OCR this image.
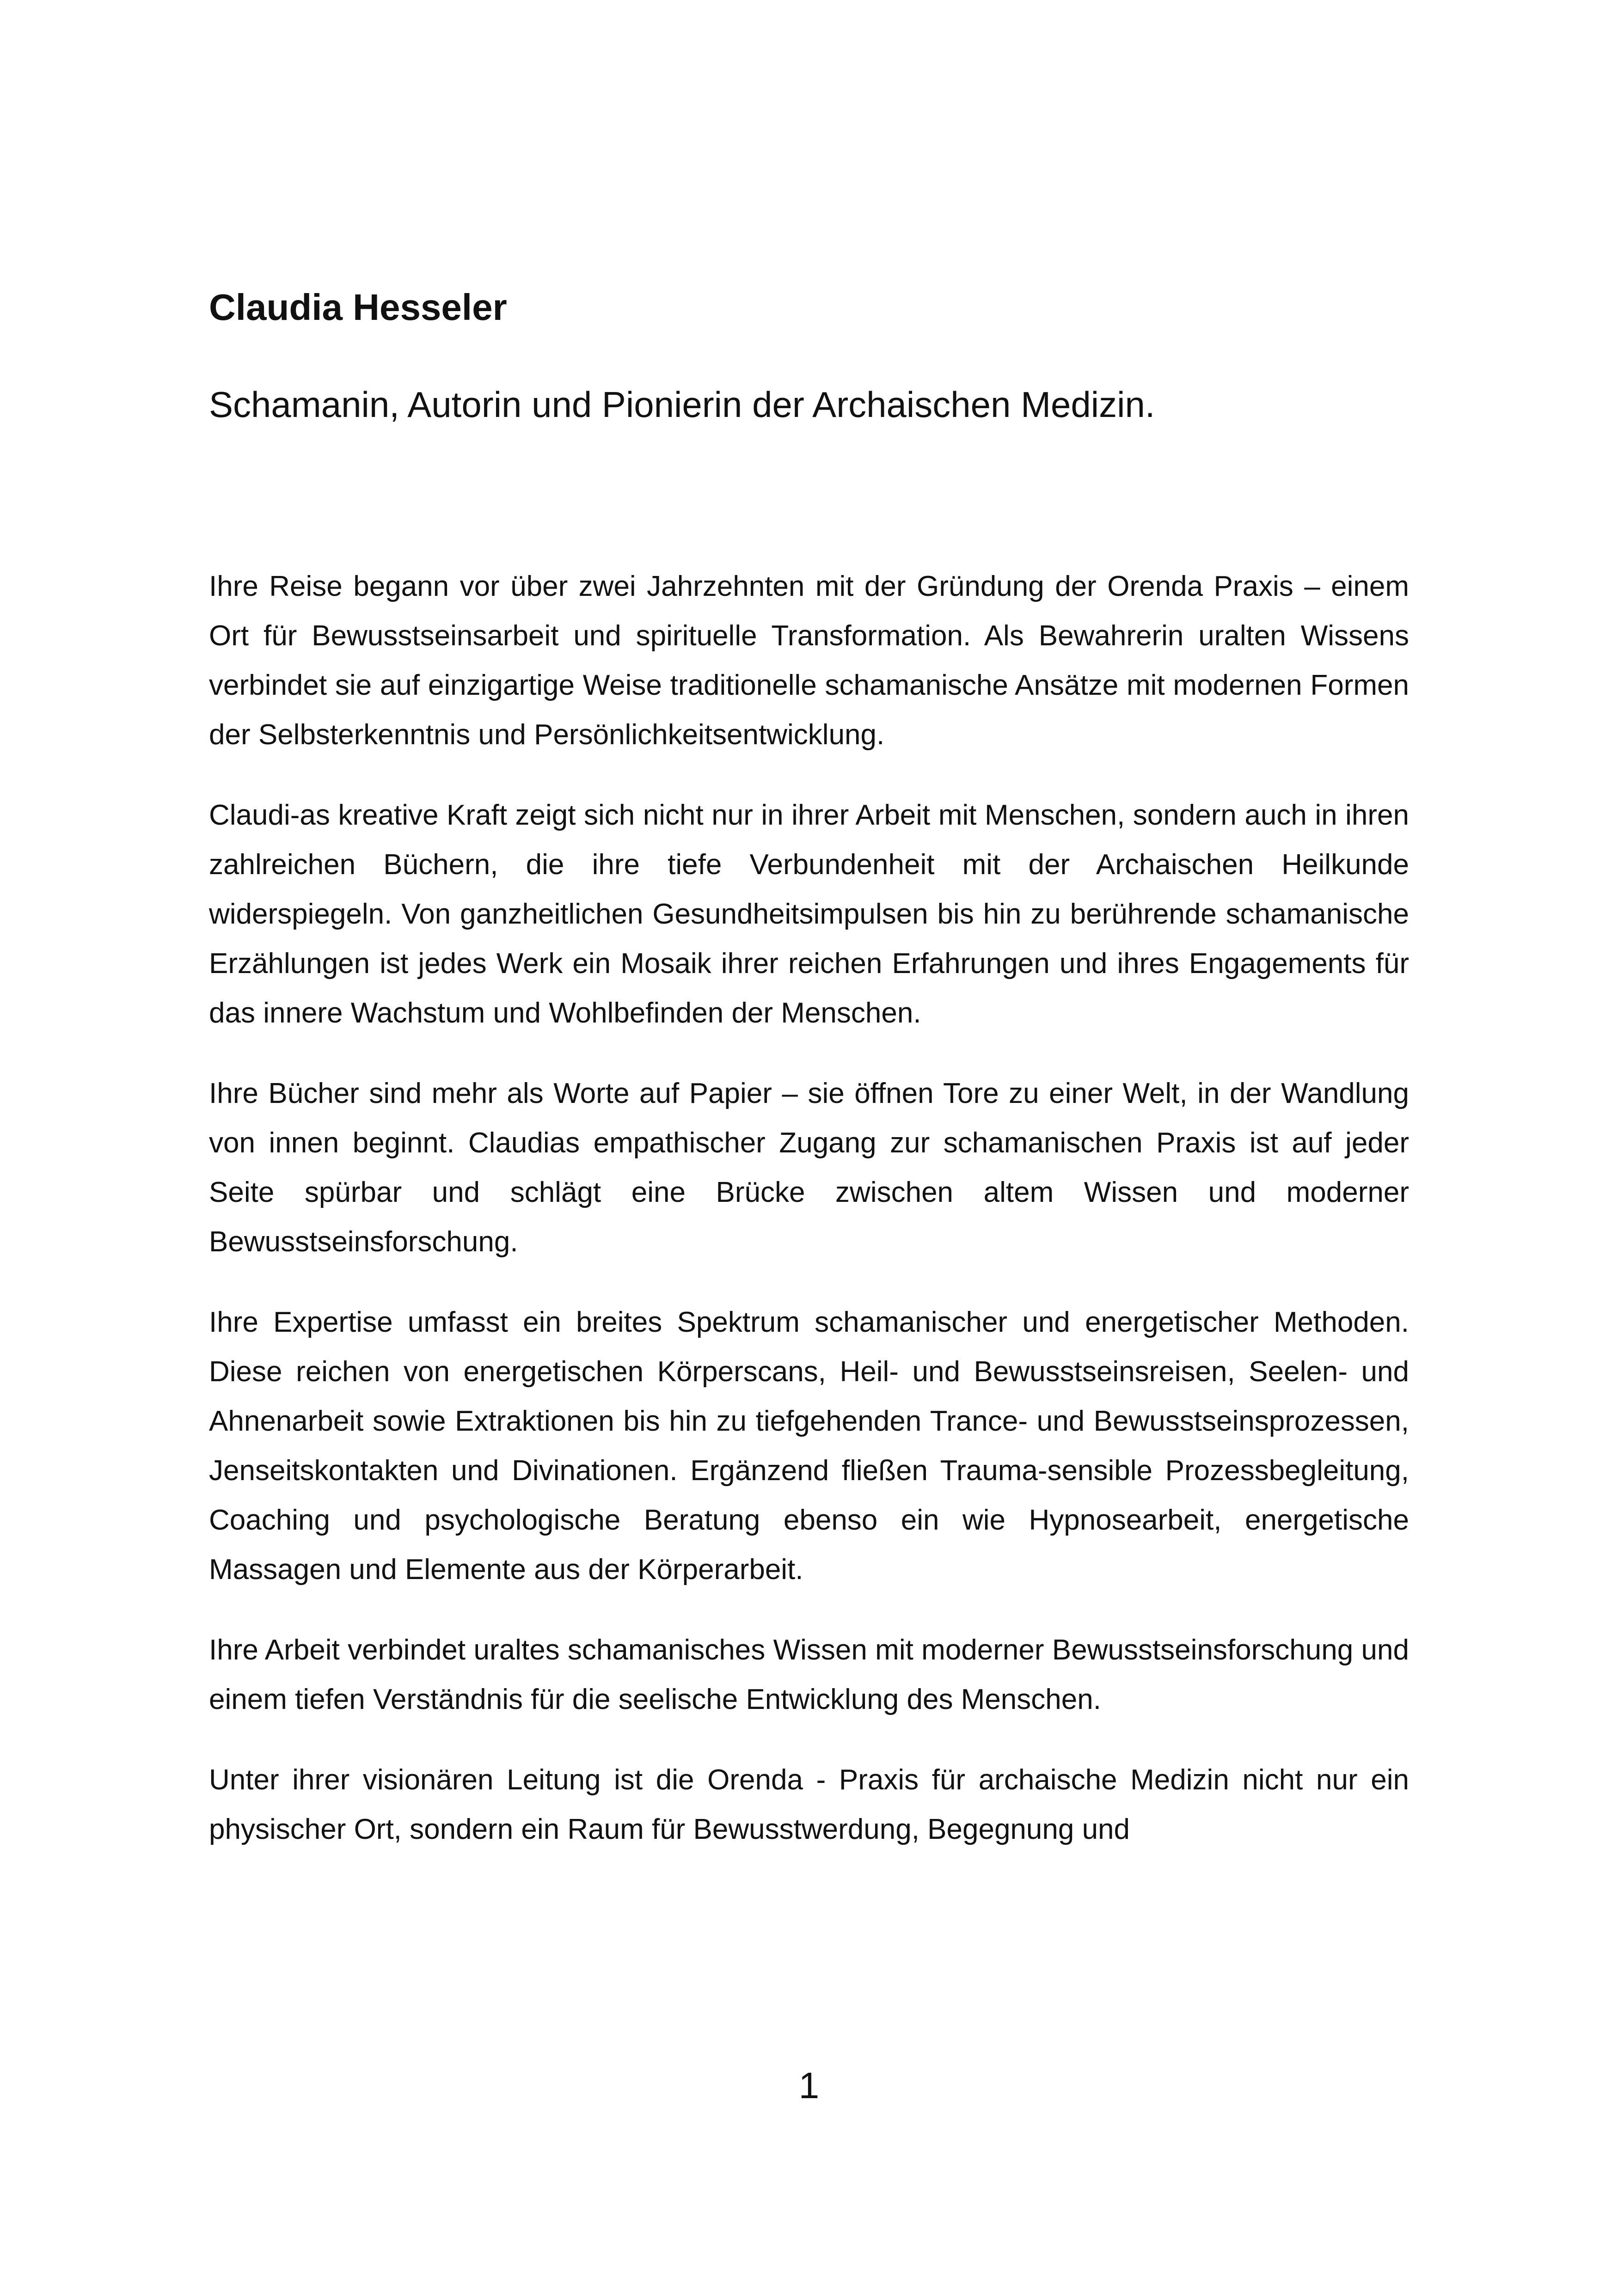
Claudia Hesseler
Schamanin, Autorin und Pionierin der Archaischen Medizin.

Ihre Reise begann vor über zwei Jahrzehnten mit der Gründung der Orenda Praxis – einem Ort für Bewusstseinsarbeit und spirituelle Transformation. Als Bewahrerin uralten Wissens verbindet sie auf einzigartige Weise traditionelle schamanische Ansätze mit modernen Formen der Selbsterkenntnis und Persönlichkeitsentwicklung.

Claudi-as kreative Kraft zeigt sich nicht nur in ihrer Arbeit mit Menschen, sondern auch in ihren zahlreichen Büchern, die ihre tiefe Verbundenheit mit der Archaischen Heilkunde widerspiegeln. Von ganzheitlichen Gesundheitsimpulsen bis hin zu berührende schamanische Erzählungen ist jedes Werk ein Mosaik ihrer reichen Erfahrungen und ihres Engagements für das innere Wachstum und Wohlbefinden der Menschen.

Ihre Bücher sind mehr als Worte auf Papier – sie öffnen Tore zu einer Welt, in der Wandlung von innen beginnt. Claudias empathischer Zugang zur schamanischen Praxis ist auf jeder Seite spürbar und schlägt eine Brücke zwischen altem Wissen und moderner Bewusstseinsforschung.

Ihre Expertise umfasst ein breites Spektrum schamanischer und energetischer Methoden. Diese reichen von energetischen Körperscans, Heil- und Bewusstseinsreisen, Seelen- und Ahnenarbeit sowie Extraktionen bis hin zu tiefgehenden Trance- und Bewusstseinsprozessen, Jenseitskontakten und Divinationen. Ergänzend fließen Trauma-sensible Prozessbegleitung, Coaching und psychologische Beratung ebenso ein wie Hypnosearbeit, energetische Massagen und Elemente aus der Körperarbeit.

Ihre Arbeit verbindet uraltes schamanisches Wissen mit moderner Bewusstseinsforschung und einem tiefen Verständnis für die seelische Entwicklung des Menschen.

Unter ihrer visionären Leitung ist die Orenda - Praxis für archaische Medizin nicht nur ein physischer Ort, sondern ein Raum für Bewusstwerdung, Begegnung und

1
